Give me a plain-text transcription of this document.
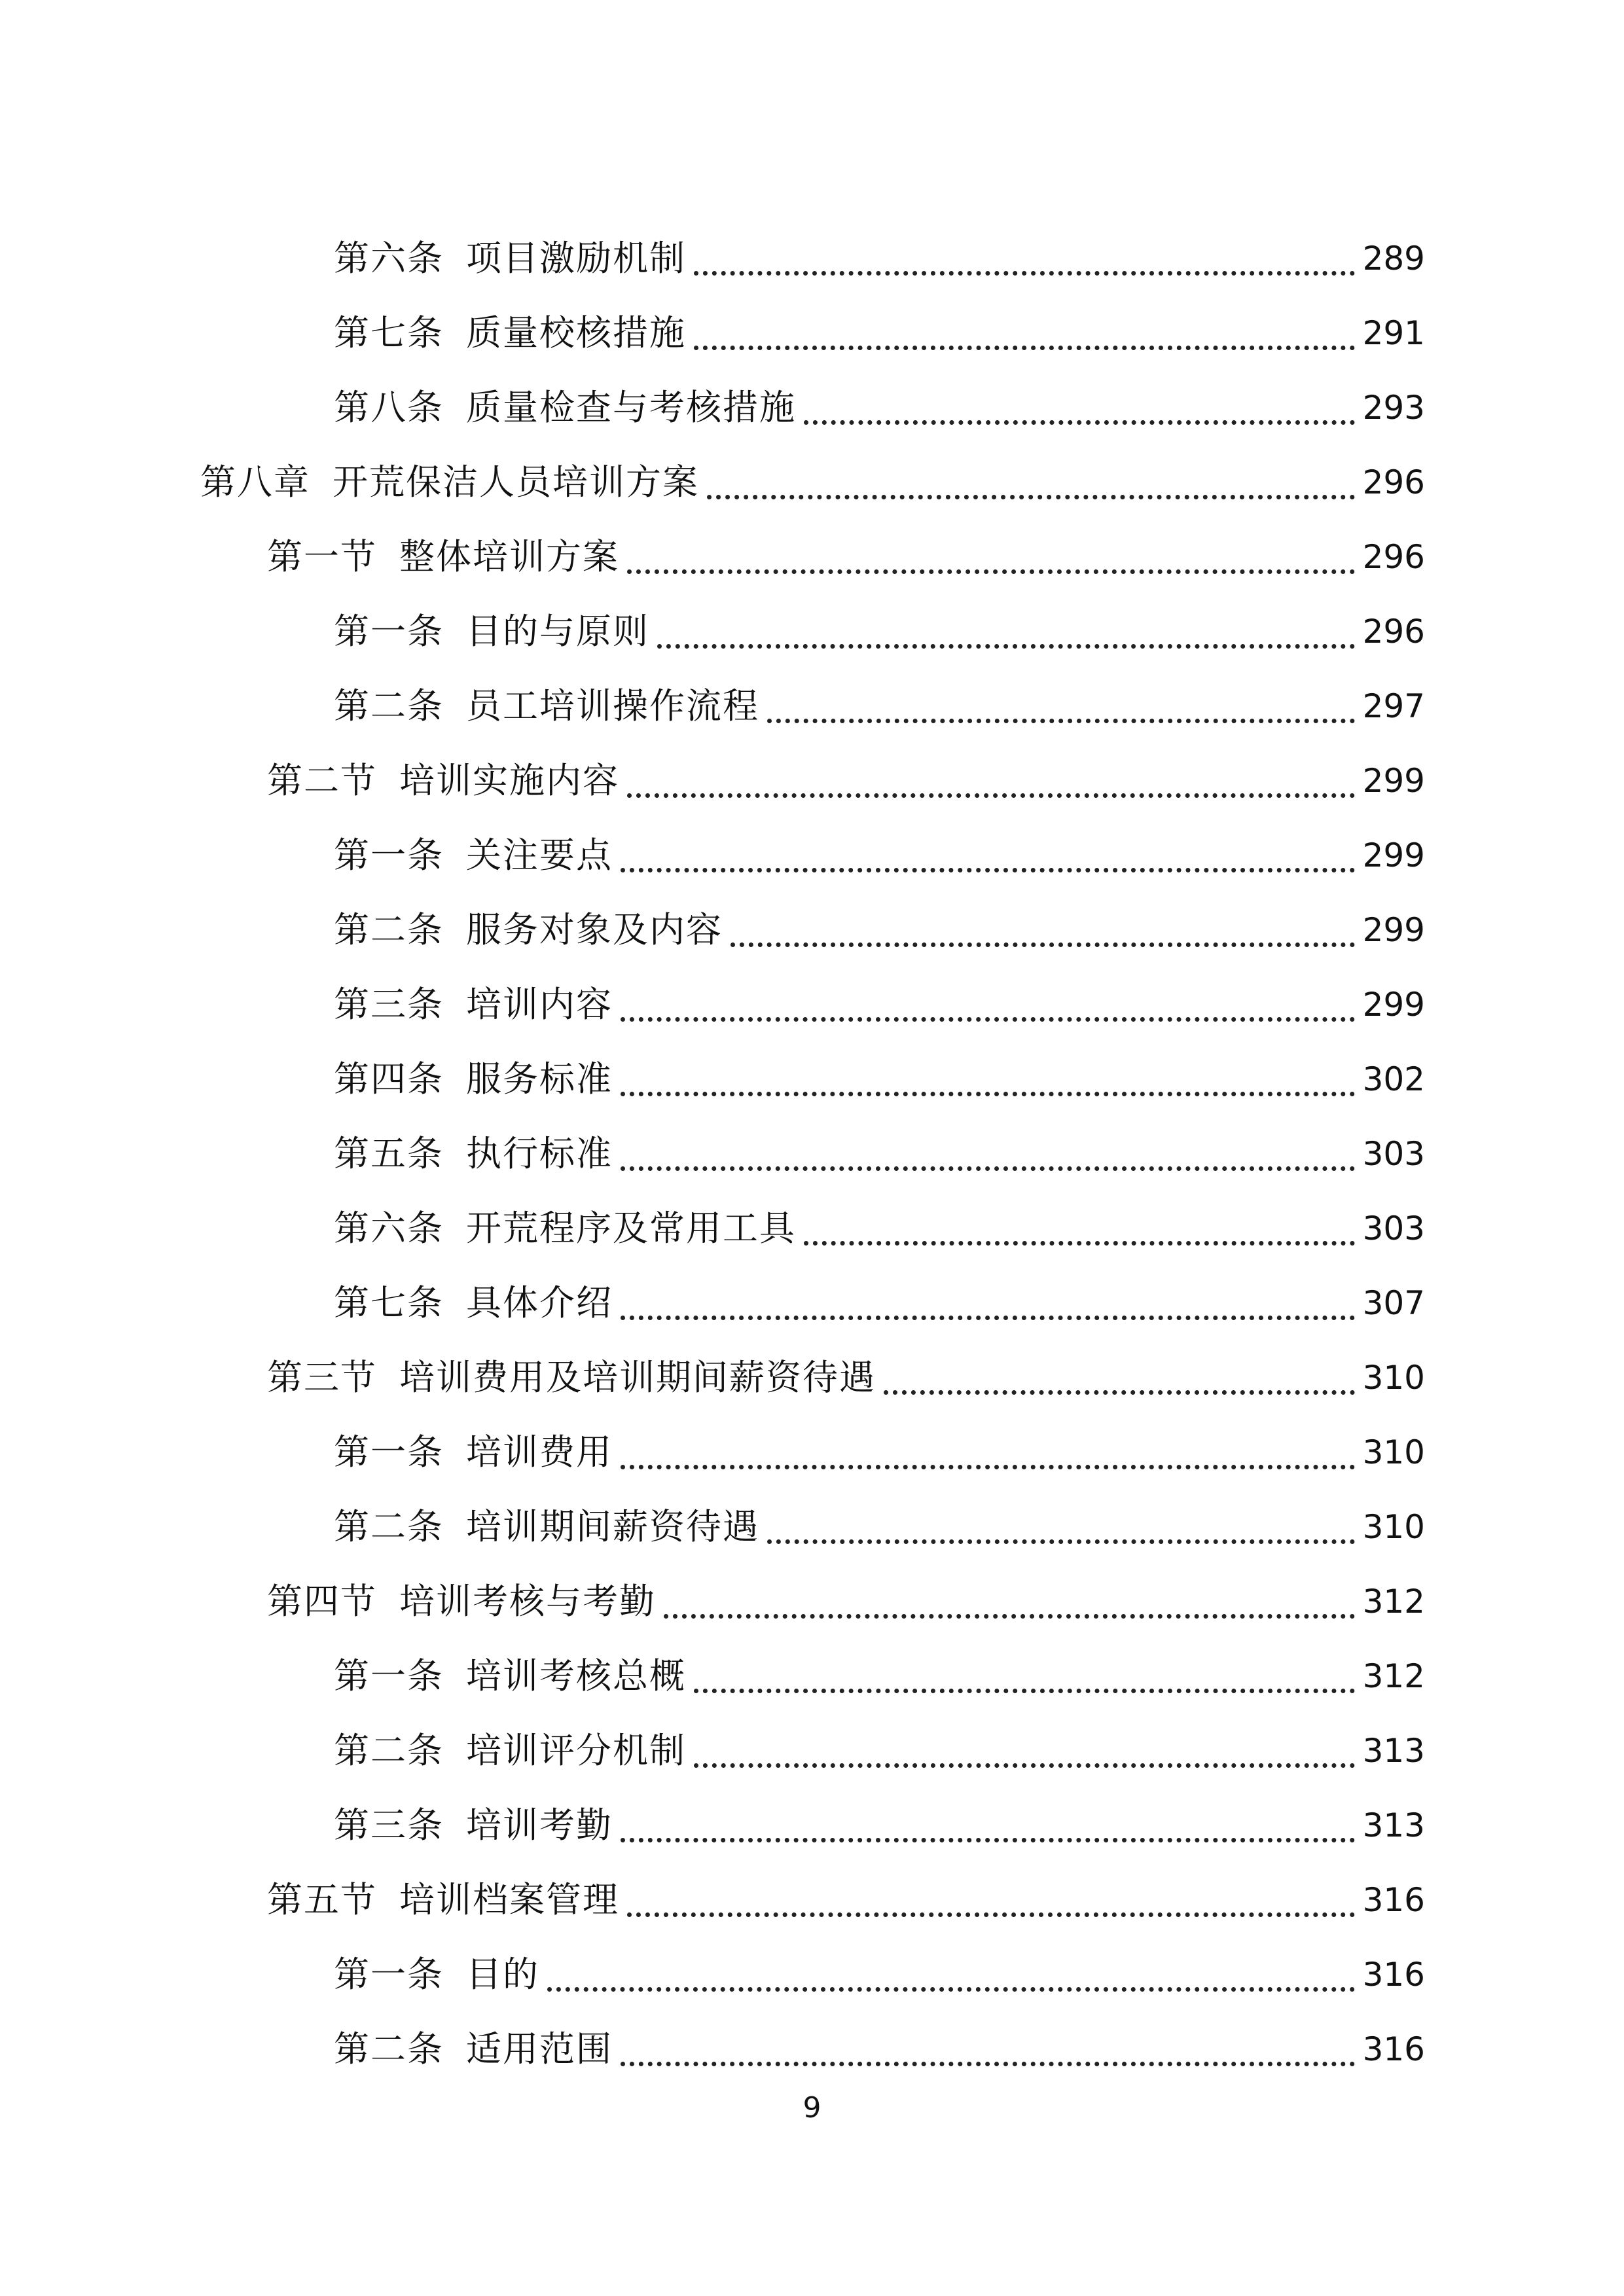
第六条 项目激励机制	289
第七条 质量校核措施	291
第八条 质量检查与考核措施	293
第八章 开荒保洁人员培训方案	296
第一节 整体培训方案	296
第一条 目的与原则	296
第二条 员工培训操作流程	297
第二节 培训实施内容	299
第一条 关注要点	299
第二条 服务对象及内容	299
第三条 培训内容	299
第四条 服务标准	302
第五条 执行标准	303
第六条 开荒程序及常用工具	303
第七条 具体介绍	307
第三节 培训费用及培训期间薪资待遇	310
第一条 培训费用	310
第二条 培训期间薪资待遇	310
第四节 培训考核与考勤	312
第一条 培训考核总概	312
第二条 培训评分机制	313
第三条 培训考勤	313
第五节 培训档案管理	316
第一条 目的	316
第二条 适用范围	316
9
